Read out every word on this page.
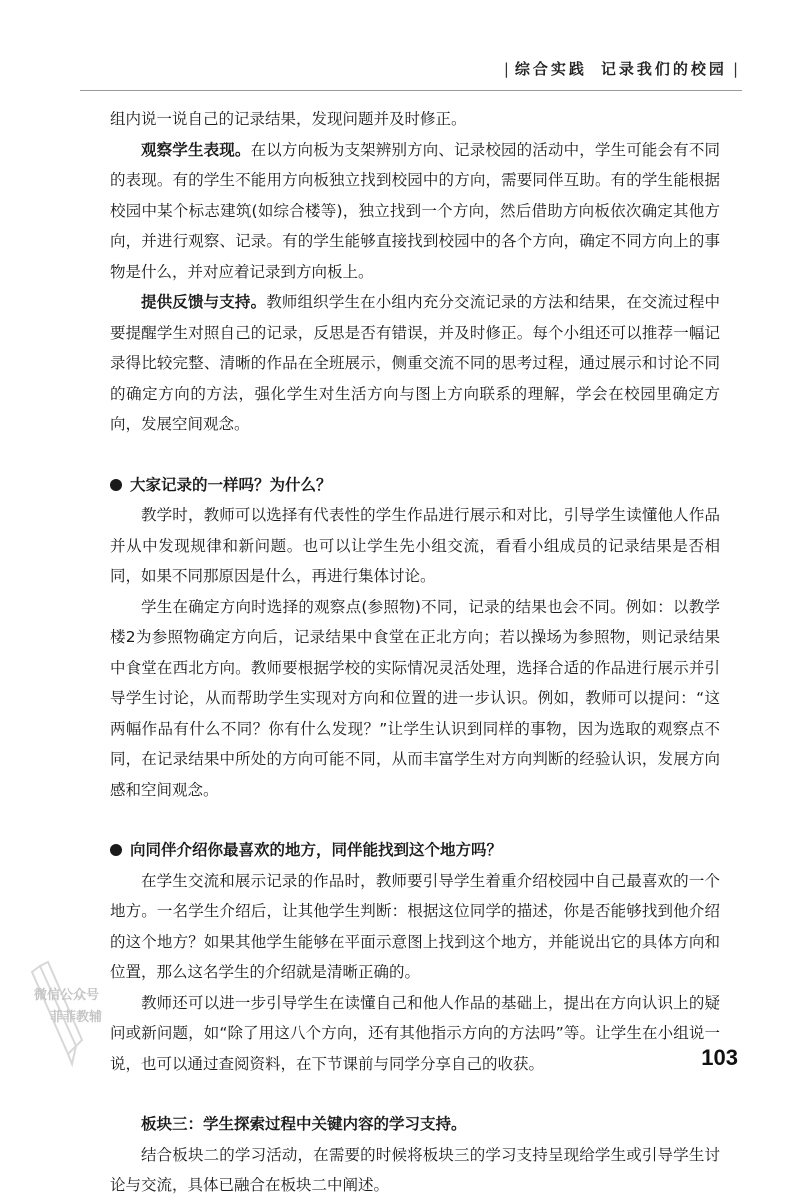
| 综合实践 记录我们的校园 |

组内说一说自己的记录结果，发现问题并及时修正。

观察学生表现。在以方向板为支架辨别方向、记录校园的活动中，学生可能会有不同的表现。有的学生不能用方向板独立找到校园中的方向，需要同伴互助。有的学生能根据校园中某个标志建筑(如综合楼等)，独立找到一个方向，然后借助方向板依次确定其他方向，并进行观察、记录。有的学生能够直接找到校园中的各个方向，确定不同方向上的事物是什么，并对应着记录到方向板上。

提供反馈与支持。教师组织学生在小组内充分交流记录的方法和结果，在交流过程中要提醒学生对照自己的记录，反思是否有错误，并及时修正。每个小组还可以推荐一幅记录得比较完整、清晰的作品在全班展示，侧重交流不同的思考过程，通过展示和讨论不同的确定方向的方法，强化学生对生活方向与图上方向联系的理解，学会在校园里确定方向，发展空间观念。

大家记录的一样吗？为什么？

教学时，教师可以选择有代表性的学生作品进行展示和对比，引导学生读懂他人作品并从中发现规律和新问题。也可以让学生先小组交流，看看小组成员的记录结果是否相同，如果不同那原因是什么，再进行集体讨论。

学生在确定方向时选择的观察点(参照物)不同，记录的结果也会不同。例如：以教学楼2为参照物确定方向后，记录结果中食堂在正北方向；若以操场为参照物，则记录结果中食堂在西北方向。教师要根据学校的实际情况灵活处理，选择合适的作品进行展示并引导学生讨论，从而帮助学生实现对方向和位置的进一步认识。例如，教师可以提问：“这两幅作品有什么不同？你有什么发现？”让学生认识到同样的事物，因为选取的观察点不同，在记录结果中所处的方向可能不同，从而丰富学生对方向判断的经验认识，发展方向感和空间观念。

向同伴介绍你最喜欢的地方，同伴能找到这个地方吗？

在学生交流和展示记录的作品时，教师要引导学生着重介绍校园中自己最喜欢的一个地方。一名学生介绍后，让其他学生判断：根据这位同学的描述，你是否能够找到他介绍的这个地方？如果其他学生能够在平面示意图上找到这个地方，并能说出它的具体方向和位置，那么这名学生的介绍就是清晰正确的。

教师还可以进一步引导学生在读懂自己和他人作品的基础上，提出在方向认识上的疑问或新问题，如“除了用这八个方向，还有其他指示方向的方法吗”等。让学生在小组说一说，也可以通过查阅资料，在下节课前与同学分享自己的收获。

板块三：学生探索过程中关键内容的学习支持。

结合板块二的学习活动，在需要的时候将板块三的学习支持呈现给学生或引导学生讨论与交流，具体已融合在板块二中阐述。

微信公众号
菲菲教辅
103
